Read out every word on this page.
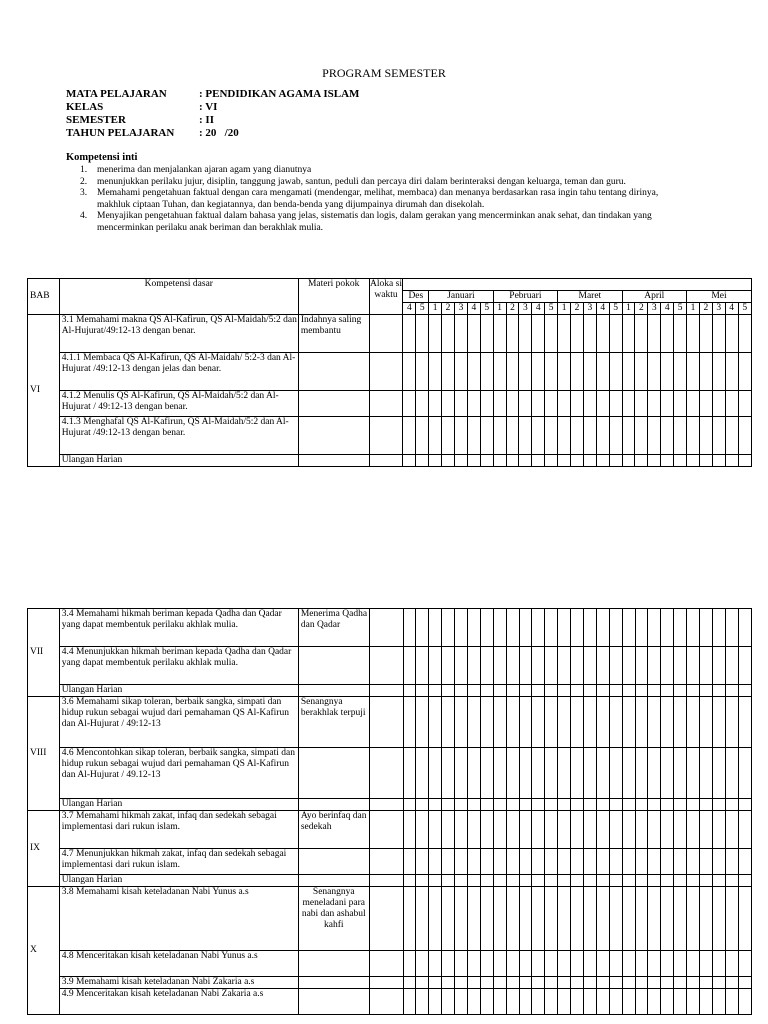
PROGRAM SEMESTER
MATA PELAJARAN	: PENDIDIKAN AGAMA ISLAM
KELAS	: VI
SEMESTER	: II
TAHUN PELAJARAN	: 20   /20
Kompetensi inti
1.	menerima dan menjalankan ajaran agam yang dianutnya
2.	menunjukkan perilaku jujur, disiplin, tanggung jawab, santun, peduli dan percaya diri dalam berinteraksi dengan keluarga, teman dan guru.
3.	Memahami pengetahuan faktual dengan cara mengamati (mendengar, melihat, membaca) dan menanya berdasarkan rasa ingin tahu tentang dirinya, makhluk ciptaan Tuhan, dan kegiatannya, dan benda-benda yang dijumpainya dirumah dan disekolah.
4.	Menyajikan pengetahuan faktual dalam bahasa yang jelas, sistematis dan logis, dalam gerakan yang mencerminkan anak sehat, dan tindakan yang mencerminkan perilaku anak beriman dan berakhlak mulia.
BAB	Kompetensi dasar	Materi pokok	Aloka si waktu																											
				Des		Januari					Pebruari					Maret					April					Mei				
				4	5	1	2	3	4	5	1	2	3	4	5	1	2	3	4	5	1	2	3	4	5	1	2	3	4	5
VI	3.1 Memahami makna QS Al-Kafirun, QS Al-Maidah/5:2 dan Al-Hujurat/49:12-13 dengan benar.	Indahnya saling membantu																												
	4.1.1 Membaca QS Al-Kafirun, QS Al-Maidah/ 5:2-3 dan Al-Hujurat /49:12-13 dengan jelas dan benar.																													
	4.1.2 Menulis QS Al-Kafirun, QS Al-Maidah/5:2 dan Al-Hujurat / 49:12-13 dengan benar.																													
	4.1.3 Menghafal QS Al-Kafirun, QS Al-Maidah/5:2 dan Al-Hujurat /49:12-13 dengan benar.																													
	Ulangan Harian																													
VII	3.4 Memahami hikmah beriman kepada Qadha dan Qadar yang dapat membentuk perilaku akhlak mulia.	Menerima Qadha dan Qadar																												
	4.4 Menunjukkan hikmah beriman kepada Qadha dan Qadar yang dapat membentuk perilaku akhlak mulia.																													
	Ulangan Harian																													
VIII	3.6 Memahami sikap toleran, berbaik sangka, simpati dan hidup rukun sebagai wujud dari pemahaman QS Al-Kafirun dan Al-Hujurat / 49:12-13	Senangnya berakhlak terpuji																												
	4.6 Mencontohkan sikap toleran, berbaik sangka, simpati dan hidup rukun sebagai wujud dari pemahaman QS Al-Kafirun dan Al-Hujurat / 49.12-13																													
	Ulangan Harian																													
IX	3.7 Memahami hikmah zakat, infaq dan sedekah sebagai implementasi dari rukun islam.	Ayo berinfaq dan sedekah																												
	4.7 Menunjukkan hikmah zakat, infaq dan sedekah sebagai implementasi dari rukun islam.																													
	Ulangan Harian																													
X	3.8 Memahami kisah keteladanan Nabi Yunus a.s	Senangnya meneladani para nabi dan ashabul kahfi																												
	4.8 Menceritakan kisah keteladanan Nabi Yunus a.s																													
	3.9 Memahami kisah keteladanan Nabi Zakaria a.s																													
	4.9 Menceritakan kisah keteladanan Nabi Zakaria a.s																													
